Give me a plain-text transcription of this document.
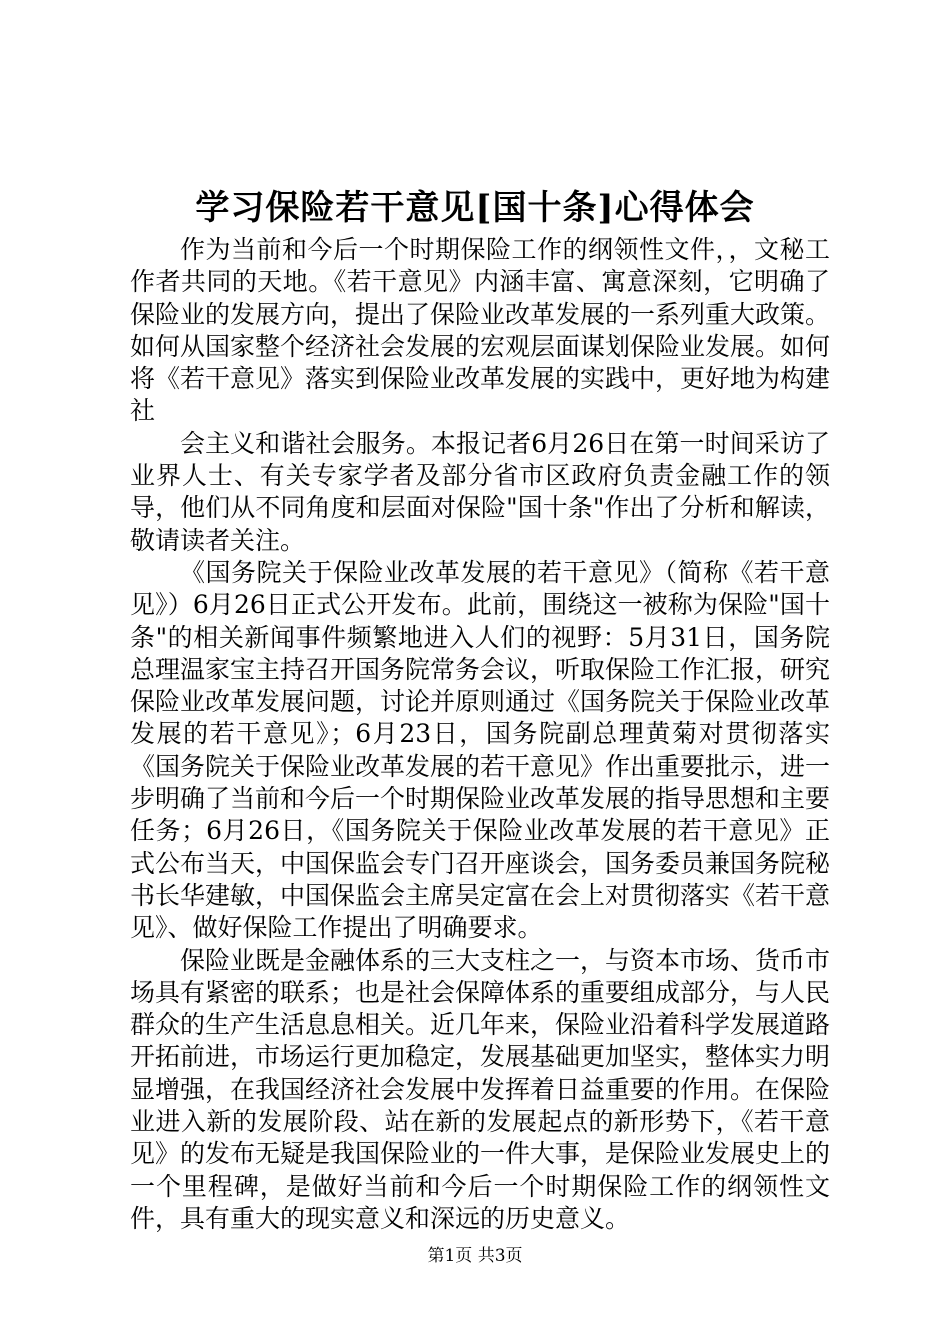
学习保险若干意见[国十条]心得体会

作为当前和今后一个时期保险工作的纲领性文件，，文秘工作者共同的天地。《若干意见》内涵丰富、寓意深刻，它明确了保险业的发展方向，提出了保险业改革发展的一系列重大政策。如何从国家整个经济社会发展的宏观层面谋划保险业发展。如何将《若干意见》落实到保险业改革发展的实践中，更好地为构建社

会主义和谐社会服务。本报记者6月26日在第一时间采访了业界人士、有关专家学者及部分省市区政府负责金融工作的领导，他们从不同角度和层面对保险"国十条"作出了分析和解读，敬请读者关注。

《国务院关于保险业改革发展的若干意见》（简称《若干意见》）6月26日正式公开发布。此前，围绕这一被称为保险"国十条"的相关新闻事件频繁地进入人们的视野：5月31日，国务院总理温家宝主持召开国务院常务会议，听取保险工作汇报，研究保险业改革发展问题，讨论并原则通过《国务院关于保险业改革发展的若干意见》；6月23日，国务院副总理黄菊对贯彻落实《国务院关于保险业改革发展的若干意见》作出重要批示，进一步明确了当前和今后一个时期保险业改革发展的指导思想和主要任务；6月26日，《国务院关于保险业改革发展的若干意见》正式公布当天，中国保监会专门召开座谈会，国务委员兼国务院秘书长华建敏，中国保监会主席吴定富在会上对贯彻落实《若干意见》、做好保险工作提出了明确要求。

保险业既是金融体系的三大支柱之一，与资本市场、货币市场具有紧密的联系；也是社会保障体系的重要组成部分，与人民群众的生产生活息息相关。近几年来，保险业沿着科学发展道路开拓前进，市场运行更加稳定，发展基础更加坚实，整体实力明显增强，在我国经济社会发展中发挥着日益重要的作用。在保险业进入新的发展阶段、站在新的发展起点的新形势下，《若干意见》的发布无疑是我国保险业的一件大事，是保险业发展史上的一个里程碑，是做好当前和今后一个时期保险工作的纲领性文件，具有重大的现实意义和深远的历史意义。

第1页 共3页
